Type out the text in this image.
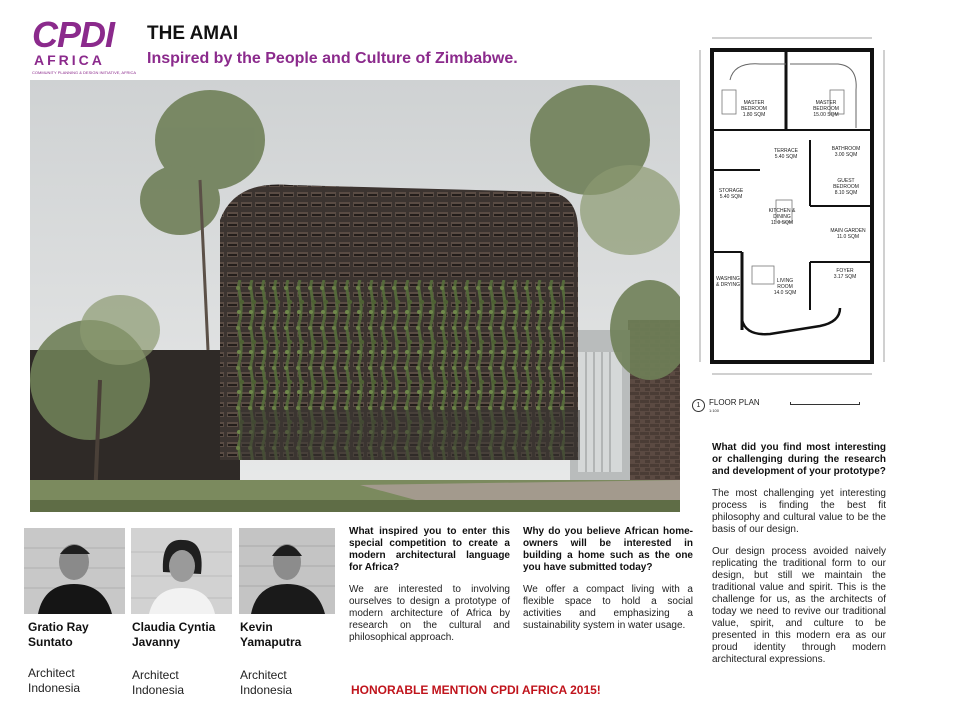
CPDI
AFRICA
COMMUNITY PLANNING & DESIGN INITIATIVE, AFRICA
THE AMAI
Inspired by the People and Culture of Zimbabwe.
MASTER BEDROOM
1.80 SQM
MASTER BEDROOM
15.00 SQM
TERRACE
5.40 SQM
BATHROOM
3.00 SQM
STORAGE
5.40 SQM
GUEST BEDROOM
8.10 SQM
KITCHEN & DINING
11.0 SQM
MAIN GARDEN
11.0 SQM
WASHING & DRYING

LIVING ROOM
14.0 SQM
FOYER
3.17 SQM
1	FLOOR PLAN
1:100
What did you find most interesting or challenging during the research and development of your prototype?
The most challenging yet interesting process is finding the best fit philosophy and cultural value to be the basis of our design.
Our design process avoided naively replicating the traditional form to our design, but still we maintain the traditional value and spirit. This is the challenge for us, as the architects of today we need to revive our traditional value, spirit, and culture to be presented in this modern era as our proud identity through modern architectural expressions.
What inspired you to enter this special competition to create a modern architectural language for Africa?
We are interested to involving ourselves to design a prototype of modern architecture of Africa by research on the cultural and philosophical approach.
Why do you believe African home-owners will be interested in building a home such as the one you have submitted today?
We offer a compact living with a flexible space to hold a social activities and emphasizing a sustainability system in water usage.
Gratio Ray Suntato
Claudia Cyntia Javanny
Kevin Yamaputra
Architect
Indonesia
Architect
Indonesia
Architect
Indonesia	HONORABLE MENTION CPDI AFRICA 2015!
